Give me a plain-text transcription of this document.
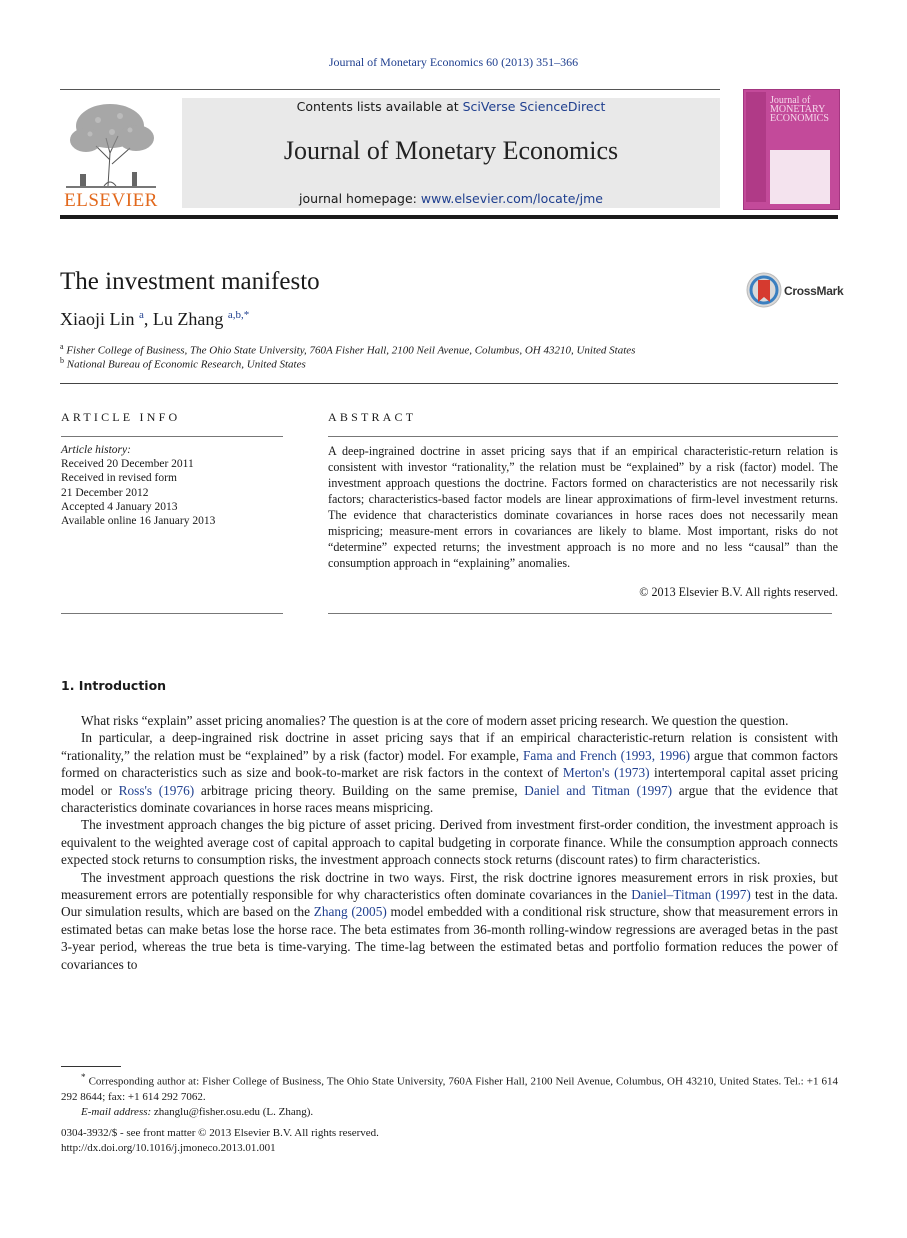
Journal of Monetary Economics 60 (2013) 351–366
ELSEVIER
Contents lists available at SciVerse ScienceDirect
Journal of Monetary Economics
journal homepage: www.elsevier.com/locate/jme
Journal of
MONETARY
ECONOMICS
The investment manifesto	CrossMark
Xiaoji Lin $^a$, Lu Zhang $^{a,b,*}$
$^a$ Fisher College of Business, The Ohio State University, 760A Fisher Hall, 2100 Neil Avenue, Columbus, OH 43210, United States
$^b$ National Bureau of Economic Research, United States
ARTICLE INFO
Article history:
Received 20 December 2011
Received in revised form
21 December 2012
Accepted 4 January 2013
Available online 16 January 2013
ABSTRACT
A deep-ingrained doctrine in asset pricing says that if an empirical characteristic-return relation is consistent with investor “rationality,” the relation must be “explained” by a risk (factor) model. The investment approach questions the doctrine. Factors formed on characteristics are not necessarily risk factors; characteristics-based factor models are linear approximations of firm-level investment returns. The evidence that characteristics dominate covariances in horse races does not necessarily mean mispricing; measure-ment errors in covariances are likely to blame. Most important, risks do not “determine” expected returns; the investment approach is no more and no less “causal” than the consumption approach in “explaining” anomalies.
© 2013 Elsevier B.V. All rights reserved.
1. Introduction

What risks “explain” asset pricing anomalies? The question is at the core of modern asset pricing research. We question the question.

In particular, a deep-ingrained risk doctrine in asset pricing says that if an empirical characteristic-return relation is consistent with “rationality,” the relation must be “explained” by a risk (factor) model. For example, Fama and French (1993, 1996) argue that common factors formed on characteristics such as size and book-to-market are risk factors in the context of Merton's (1973) intertemporal capital asset pricing model or Ross's (1976) arbitrage pricing theory. Building on the same premise, Daniel and Titman (1997) argue that the evidence that characteristics dominate covariances in horse races means mispricing.

The investment approach changes the big picture of asset pricing. Derived from investment first-order condition, the investment approach is equivalent to the weighted average cost of capital approach to capital budgeting in corporate finance. While the consumption approach connects expected stock returns to consumption risks, the investment approach connects stock returns (discount rates) to firm characteristics.

The investment approach questions the risk doctrine in two ways. First, the risk doctrine ignores measurement errors in risk proxies, but measurement errors are potentially responsible for why characteristics often dominate covariances in the Daniel–Titman (1997) test in the data. Our simulation results, which are based on the Zhang (2005) model embedded with a conditional risk structure, show that measurement errors in estimated betas can make betas lose the horse race. The beta estimates from 36-month rolling-window regressions are averaged betas in the past 3-year period, whereas the true beta is time-varying. The time-lag between the estimated betas and portfolio formation reduces the power of covariances to

* Corresponding author at: Fisher College of Business, The Ohio State University, 760A Fisher Hall, 2100 Neil Avenue, Columbus, OH 43210, United States. Tel.: +1 614 292 8644; fax: +1 614 292 7062.

E-mail address: zhanglu@fisher.osu.edu (L. Zhang).

0304-3932/$ - see front matter © 2013 Elsevier B.V. All rights reserved.
http://dx.doi.org/10.1016/j.jmoneco.2013.01.001
